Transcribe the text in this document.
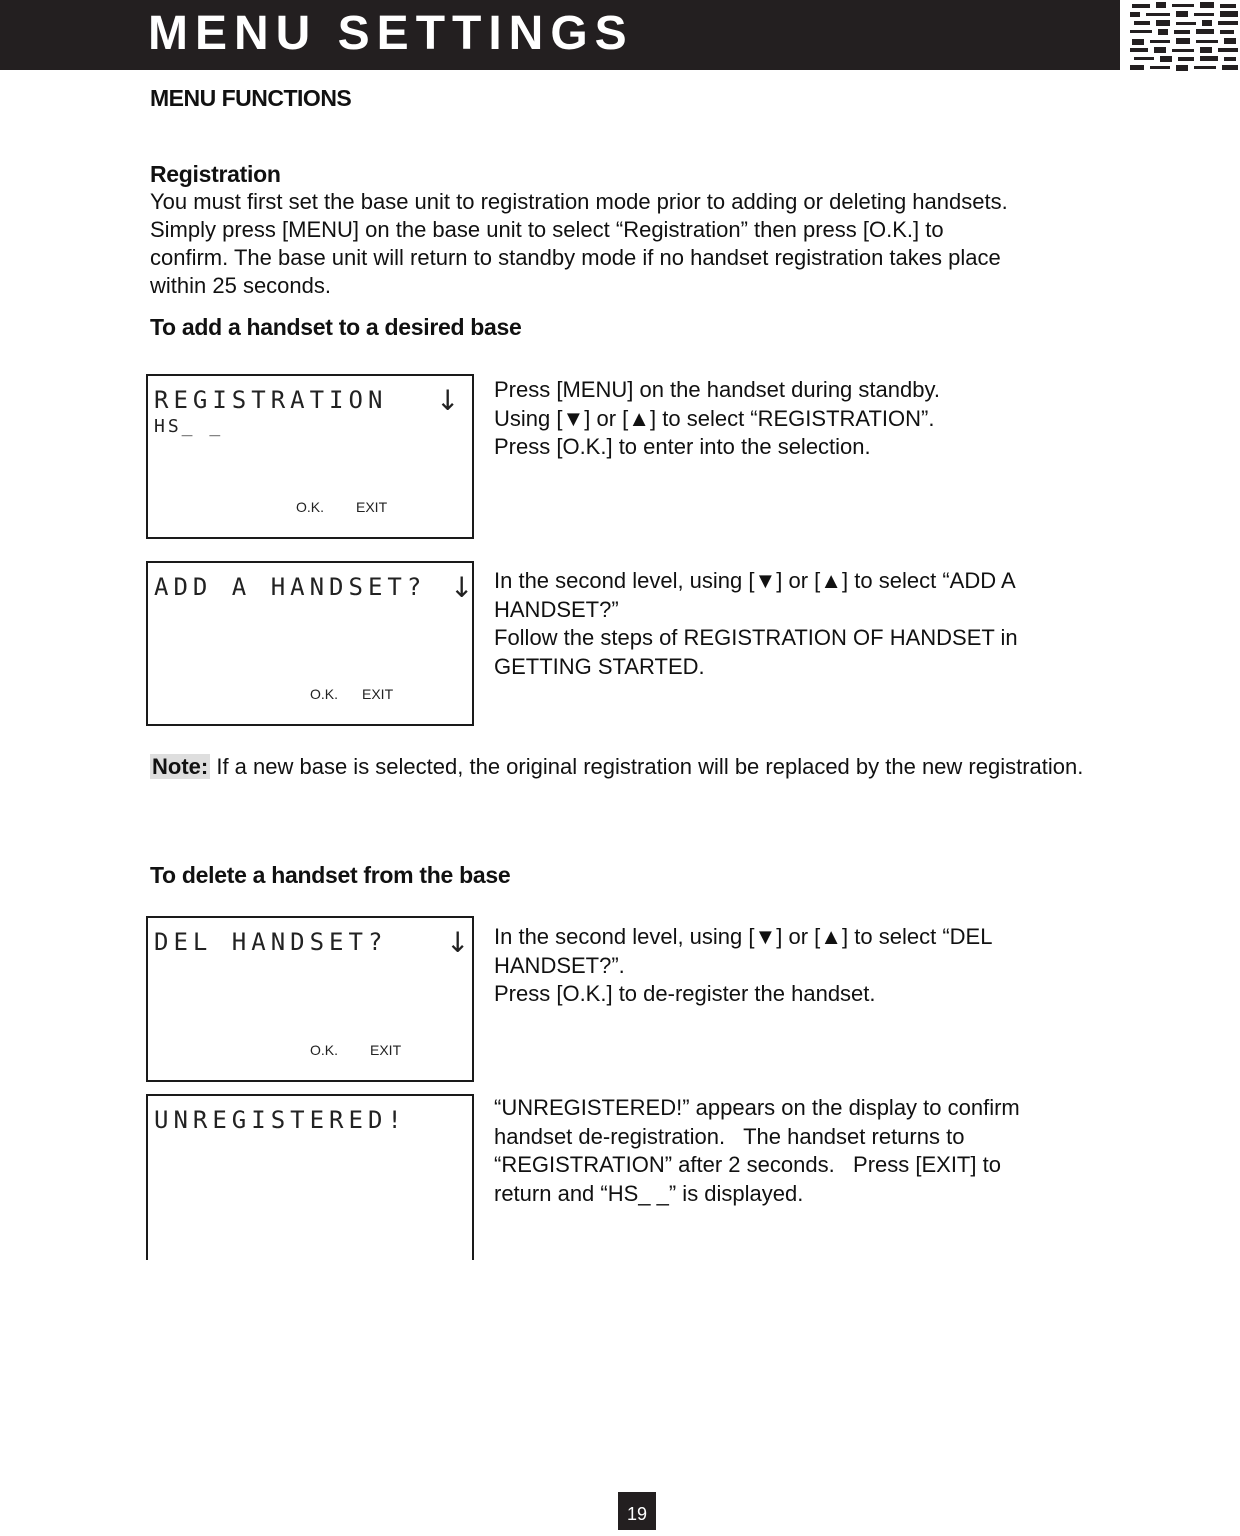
MENU SETTINGS
MENU FUNCTIONS
Registration

You must first set the base unit to registration mode prior to adding or deleting handsets.

Simply press [MENU] on the base unit to select “Registration” then press [O.K.] to

confirm. The base unit will return to standby mode if no handset registration takes place

within 25 seconds.

To add a handset to a desired base
REGISTRATION
HS_ _
↓
O.K. EXIT

Press [MENU] on the handset during standby.

Using [▼] or [▲] to select “REGISTRATION”.

Press [O.K.] to enter into the selection.

ADD A HANDSET? ↓
O.K. EXIT

In the second level, using [▼] or [▲] to select “ADD A

HANDSET?”

Follow the steps of REGISTRATION OF HANDSET in

GETTING STARTED.

Note: If a new base is selected, the original registration will be replaced by the new registration.
To delete a handset from the base
DEL HANDSET? ↓
O.K. EXIT

In the second level, using [▼] or [▲] to select “DEL

HANDSET?”.

Press [O.K.] to de-register the handset.

UNREGISTERED!	“UNREGISTERED!” appears on the display to confirm

handset de-registration.   The handset returns to

“REGISTRATION” after 2 seconds.   Press [EXIT] to

return and “HS_ _” is displayed.

19
